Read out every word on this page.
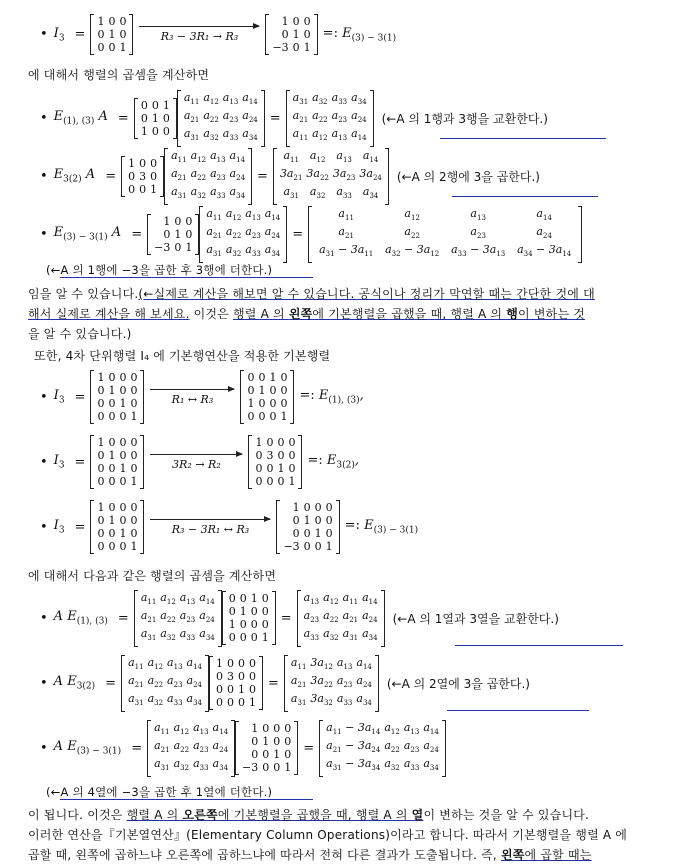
• $I_3$ =
1	0	0
0	1	0
0	0	1
R₃ − 3R₁ → R₃
1	0	0
0	1	0
−3	0	1
=: $E_{(3) - 3(1)}$
에 대해서 행렬의 곱셈을 계산하면
• $E_{(1), (3)}$ A =
0	0	1
0	1	0
1	0	0
$a_{11}$	$a_{12}$	$a_{13}$	$a_{14}$
$a_{21}$	$a_{22}$	$a_{23}$	$a_{24}$
$a_{31}$	$a_{32}$	$a_{33}$	$a_{34}$
=
$a_{31}$	$a_{32}$	$a_{33}$	$a_{34}$
$a_{21}$	$a_{22}$	$a_{23}$	$a_{24}$
$a_{11}$	$a_{12}$	$a_{13}$	$a_{14}$
(←A 의 1행과 3행을 교환한다.)
• $E_{3(2)}$ A =
1	0	0
0	3	0
0	0	1
$a_{11}$	$a_{12}$	$a_{13}$	$a_{14}$
$a_{21}$	$a_{22}$	$a_{23}$	$a_{24}$
$a_{31}$	$a_{32}$	$a_{33}$	$a_{34}$
=
$a_{11}$	$a_{12}$	$a_{13}$	$a_{14}$
$3a_{21}$	$3a_{22}$	$3a_{23}$	$3a_{24}$
$a_{31}$	$a_{32}$	$a_{33}$	$a_{34}$
(←A 의 2행에 3을 곱한다.)
• $E_{(3) - 3(1)}$ A =
1	0	0
0	1	0
−3	0	1
$a_{11}$	$a_{12}$	$a_{13}$	$a_{14}$
$a_{21}$	$a_{22}$	$a_{23}$	$a_{24}$
$a_{31}$	$a_{32}$	$a_{33}$	$a_{34}$
=
$a_{11}$	$a_{12}$	$a_{13}$	$a_{14}$
$a_{21}$	$a_{22}$	$a_{23}$	$a_{24}$
$a_{31} - 3a_{11}$	$a_{32} - 3a_{12}$	$a_{33} - 3a_{13}$	$a_{34} - 3a_{14}$
(←A 의 1행에 −3을 곱한 후 3행에 더한다.)
임을 알 수 있습니다.(←실제로 계산을 해보면 알 수 있습니다. 공식이나 정리가 막연할 때는 간단한 것에 대
해서 실제로 계산을 해 보세요. 이것은 행렬 A 의 왼쪽에 기본행렬을 곱했을 때, 행렬 A 의 행이 변하는 것
을 알 수 있습니다.)
또한, 4차 단위행렬 I₄ 에 기본행연산을 적용한 기본행렬
• $I_3$ =
1	0	0	0
0	1	0	0
0	0	1	0
0	0	0	1
R₁ ↔ R₃
0	0	1	0
0	1	0	0
1	0	0	0
0	0	0	1
=: $E_{(1), (3)}$,
• $I_3$ =
1	0	0	0
0	1	0	0
0	0	1	0
0	0	0	1
3R₂ → R₂
1	0	0	0
0	3	0	0
0	0	1	0
0	0	0	1
=: $E_{3(2)}$,
• $I_3$ =
1	0	0	0
0	1	0	0
0	0	1	0
0	0	0	1
R₃ − 3R₁ ↔ R₃
1	0	0	0
0	1	0	0
0	0	1	0
−3	0	0	1
=: $E_{(3) - 3(1)}$
에 대해서 다음과 같은 행렬의 곱셈을 계산하면
• A $E_{(1), (3)}$ =
$a_{11}$	$a_{12}$	$a_{13}$	$a_{14}$
$a_{21}$	$a_{22}$	$a_{23}$	$a_{24}$
$a_{31}$	$a_{32}$	$a_{33}$	$a_{34}$
0	0	1	0
0	1	0	0
1	0	0	0
0	0	0	1
=
$a_{13}$	$a_{12}$	$a_{11}$	$a_{14}$
$a_{23}$	$a_{22}$	$a_{21}$	$a_{24}$
$a_{33}$	$a_{32}$	$a_{31}$	$a_{34}$
(←A 의 1열과 3열을 교환한다.)
• A $E_{3(2)}$ =
$a_{11}$	$a_{12}$	$a_{13}$	$a_{14}$
$a_{21}$	$a_{22}$	$a_{23}$	$a_{24}$
$a_{31}$	$a_{32}$	$a_{33}$	$a_{34}$
1	0	0	0
0	3	0	0
0	0	1	0
0	0	0	1
=
$a_{11}$	$3a_{12}$	$a_{13}$	$a_{14}$
$a_{21}$	$3a_{22}$	$a_{23}$	$a_{24}$
$a_{31}$	$3a_{32}$	$a_{33}$	$a_{34}$
(←A 의 2열에 3을 곱한다.)
• A $E_{(3) - 3(1)}$ =
$a_{11}$	$a_{12}$	$a_{13}$	$a_{14}$
$a_{21}$	$a_{22}$	$a_{23}$	$a_{24}$
$a_{31}$	$a_{32}$	$a_{33}$	$a_{34}$
1	0	0	0
0	1	0	0
0	0	1	0
−3	0	0	1
=
$a_{11} - 3a_{14}$	$a_{12}$	$a_{13}$	$a_{14}$
$a_{21} - 3a_{24}$	$a_{22}$	$a_{23}$	$a_{24}$
$a_{31} - 3a_{34}$	$a_{32}$	$a_{33}$	$a_{34}$
(←A 의 4열에 −3을 곱한 후 1열에 더한다.)
이 됩니다. 이것은 행렬 A 의 오른쪽에 기본행렬을 곱했을 때, 행렬 A 의 열이 변하는 것을 알 수 있습니다.
이러한 연산을『기본열연산』(Elementary Column Operations)이라고 합니다. 따라서 기본행렬을 행렬 A 에
곱할 때, 왼쪽에 곱하느냐 오른쪽에 곱하느냐에 따라서 전혀 다른 결과가 도출됩니다. 즉, 왼쪽에 곱할 때는
